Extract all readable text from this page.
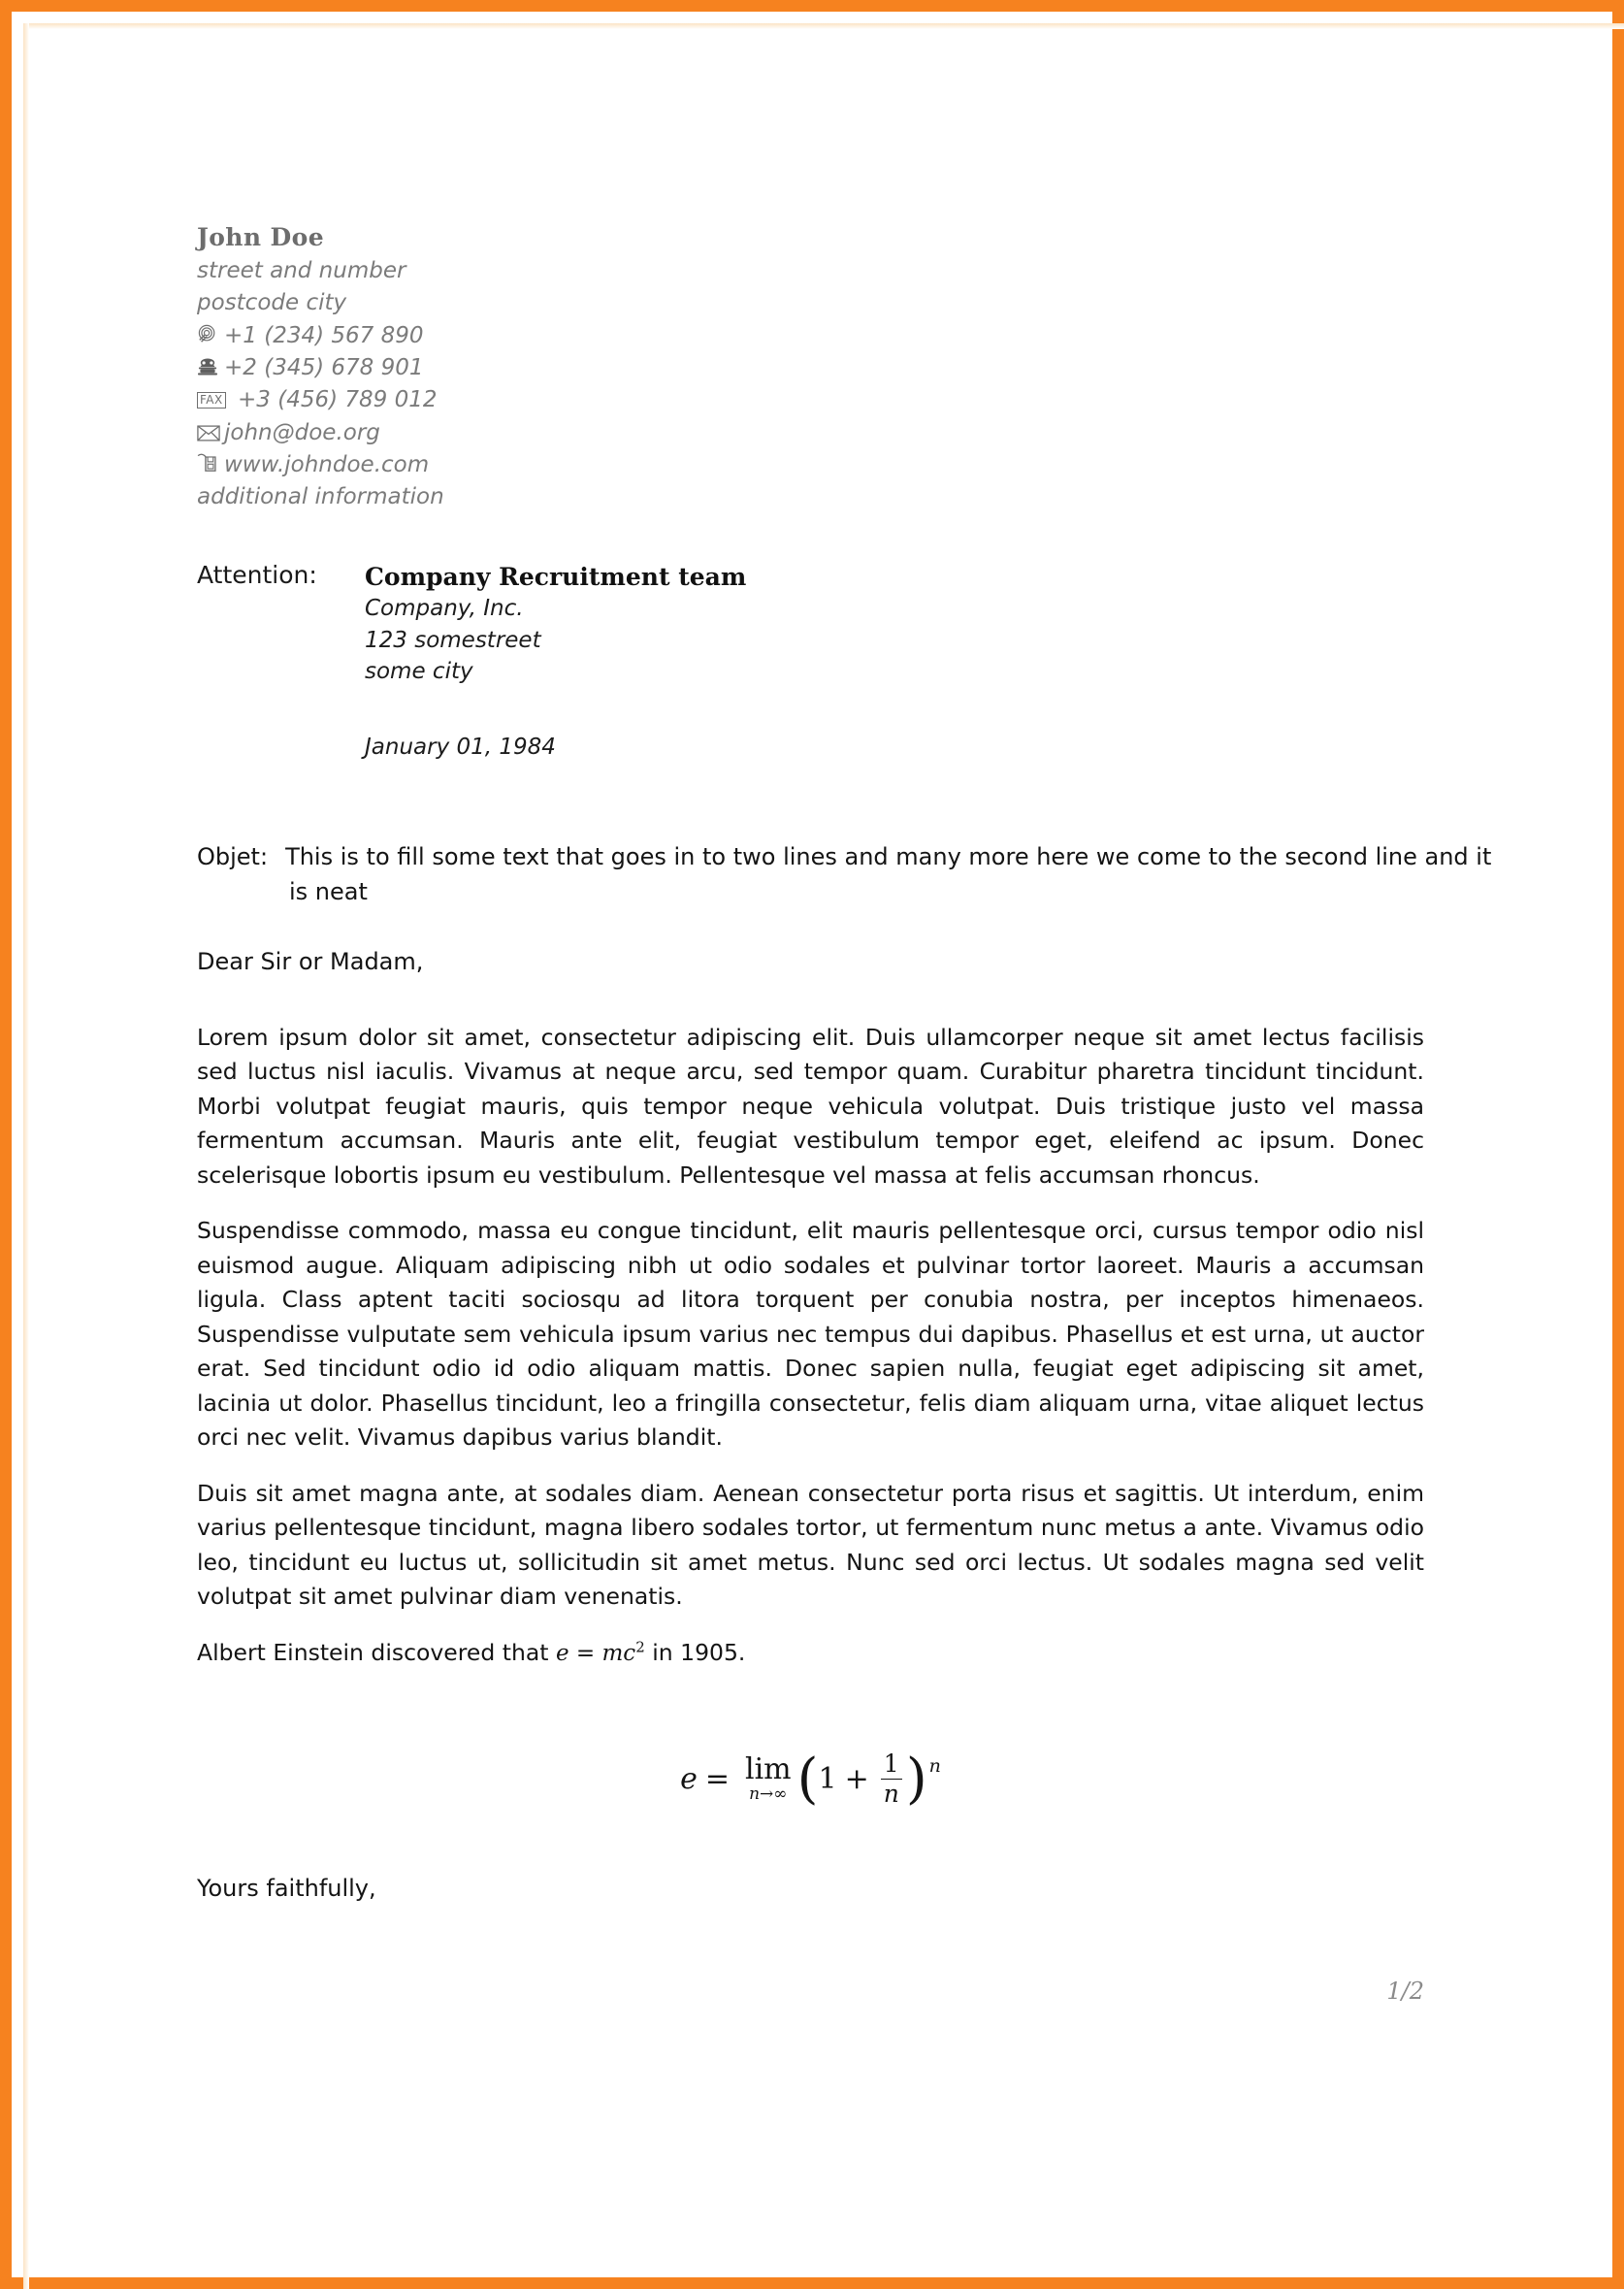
John Doe
street and number
postcode city
+1 (234) 567 890
+2 (345) 678 901
FAX +3 (456) 789 012
john@doe.org
www.johndoe.com
additional information
Attention: Company Recruitment team
Company, Inc.
123 somestreet
some city
January 01, 1984
Objet: This is to fill some text that goes in to two lines and many more here we come to the second line and it is neat
Dear Sir or Madam,

Lorem ipsum dolor sit amet, consectetur adipiscing elit. Duis ullamcorper neque sit amet lectus facilisis sed luctus nisl iaculis. Vivamus at neque arcu, sed tempor quam. Curabitur pharetra tincidunt tincidunt. Morbi volutpat feugiat mauris, quis tempor neque vehicula volutpat. Duis tristique justo vel massa fermentum accumsan. Mauris ante elit, feugiat vestibulum tempor eget, eleifend ac ipsum. Donec scelerisque lobortis ipsum eu vestibulum. Pellentesque vel massa at felis accumsan rhoncus.

Suspendisse commodo, massa eu congue tincidunt, elit mauris pellentesque orci, cursus tempor odio nisl euismod augue. Aliquam adipiscing nibh ut odio sodales et pulvinar tortor laoreet. Mauris a accumsan ligula. Class aptent taciti sociosqu ad litora torquent per conubia nostra, per inceptos himenaeos. Suspendisse vulputate sem vehicula ipsum varius nec tempus dui dapibus. Phasellus et est urna, ut auctor erat. Sed tincidunt odio id odio aliquam mattis. Donec sapien nulla, feugiat eget adipiscing sit amet, lacinia ut dolor. Phasellus tincidunt, leo a fringilla consectetur, felis diam aliquam urna, vitae aliquet lectus orci nec velit. Vivamus dapibus varius blandit.

Duis sit amet magna ante, at sodales diam. Aenean consectetur porta risus et sagittis. Ut interdum, enim varius pellentesque tincidunt, magna libero sodales tortor, ut fermentum nunc metus a ante. Vivamus odio leo, tincidunt eu luctus ut, sollicitudin sit amet metus. Nunc sed orci lectus. Ut sodales magna sed velit volutpat sit amet pulvinar diam venenatis.

Albert Einstein discovered that $e = mc^2$ in 1905.

e = lim
n→∞ ( $1 + \frac{1}{n}$ ) n
Yours faithfully,
1/2
